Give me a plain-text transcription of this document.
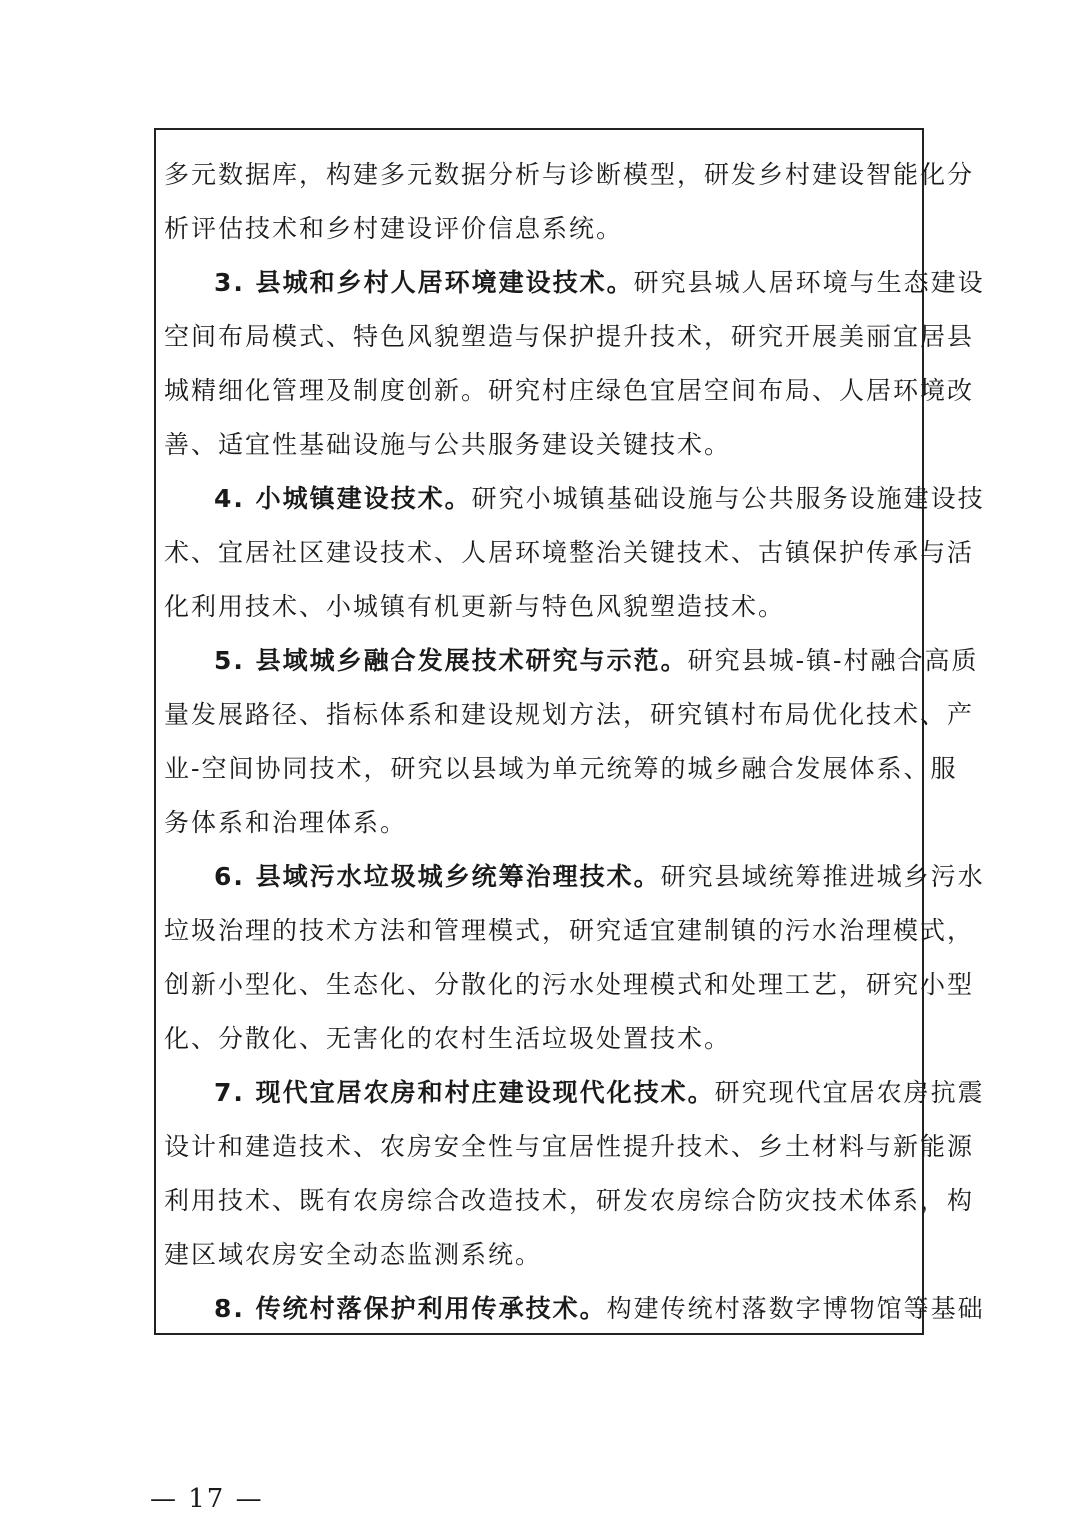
多元数据库，构建多元数据分析与诊断模型，研发乡村建设智能化分
析评估技术和乡村建设评价信息系统。
3. 县城和乡村人居环境建设技术。研究县城人居环境与生态建设
空间布局模式、特色风貌塑造与保护提升技术，研究开展美丽宜居县
城精细化管理及制度创新。研究村庄绿色宜居空间布局、人居环境改
善、适宜性基础设施与公共服务建设关键技术。
4. 小城镇建设技术。研究小城镇基础设施与公共服务设施建设技
术、宜居社区建设技术、人居环境整治关键技术、古镇保护传承与活
化利用技术、小城镇有机更新与特色风貌塑造技术。
5. 县域城乡融合发展技术研究与示范。研究县城-镇-村融合高质
量发展路径、指标体系和建设规划方法，研究镇村布局优化技术、产
业-空间协同技术，研究以县域为单元统筹的城乡融合发展体系、服
务体系和治理体系。
6. 县域污水垃圾城乡统筹治理技术。研究县域统筹推进城乡污水
垃圾治理的技术方法和管理模式，研究适宜建制镇的污水治理模式，
创新小型化、生态化、分散化的污水处理模式和处理工艺，研究小型
化、分散化、无害化的农村生活垃圾处置技术。
7. 现代宜居农房和村庄建设现代化技术。研究现代宜居农房抗震
设计和建造技术、农房安全性与宜居性提升技术、乡土材料与新能源
利用技术、既有农房综合改造技术，研发农房综合防灾技术体系，构
建区域农房安全动态监测系统。
8. 传统村落保护利用传承技术。构建传统村落数字博物馆等基础
— 17 —
